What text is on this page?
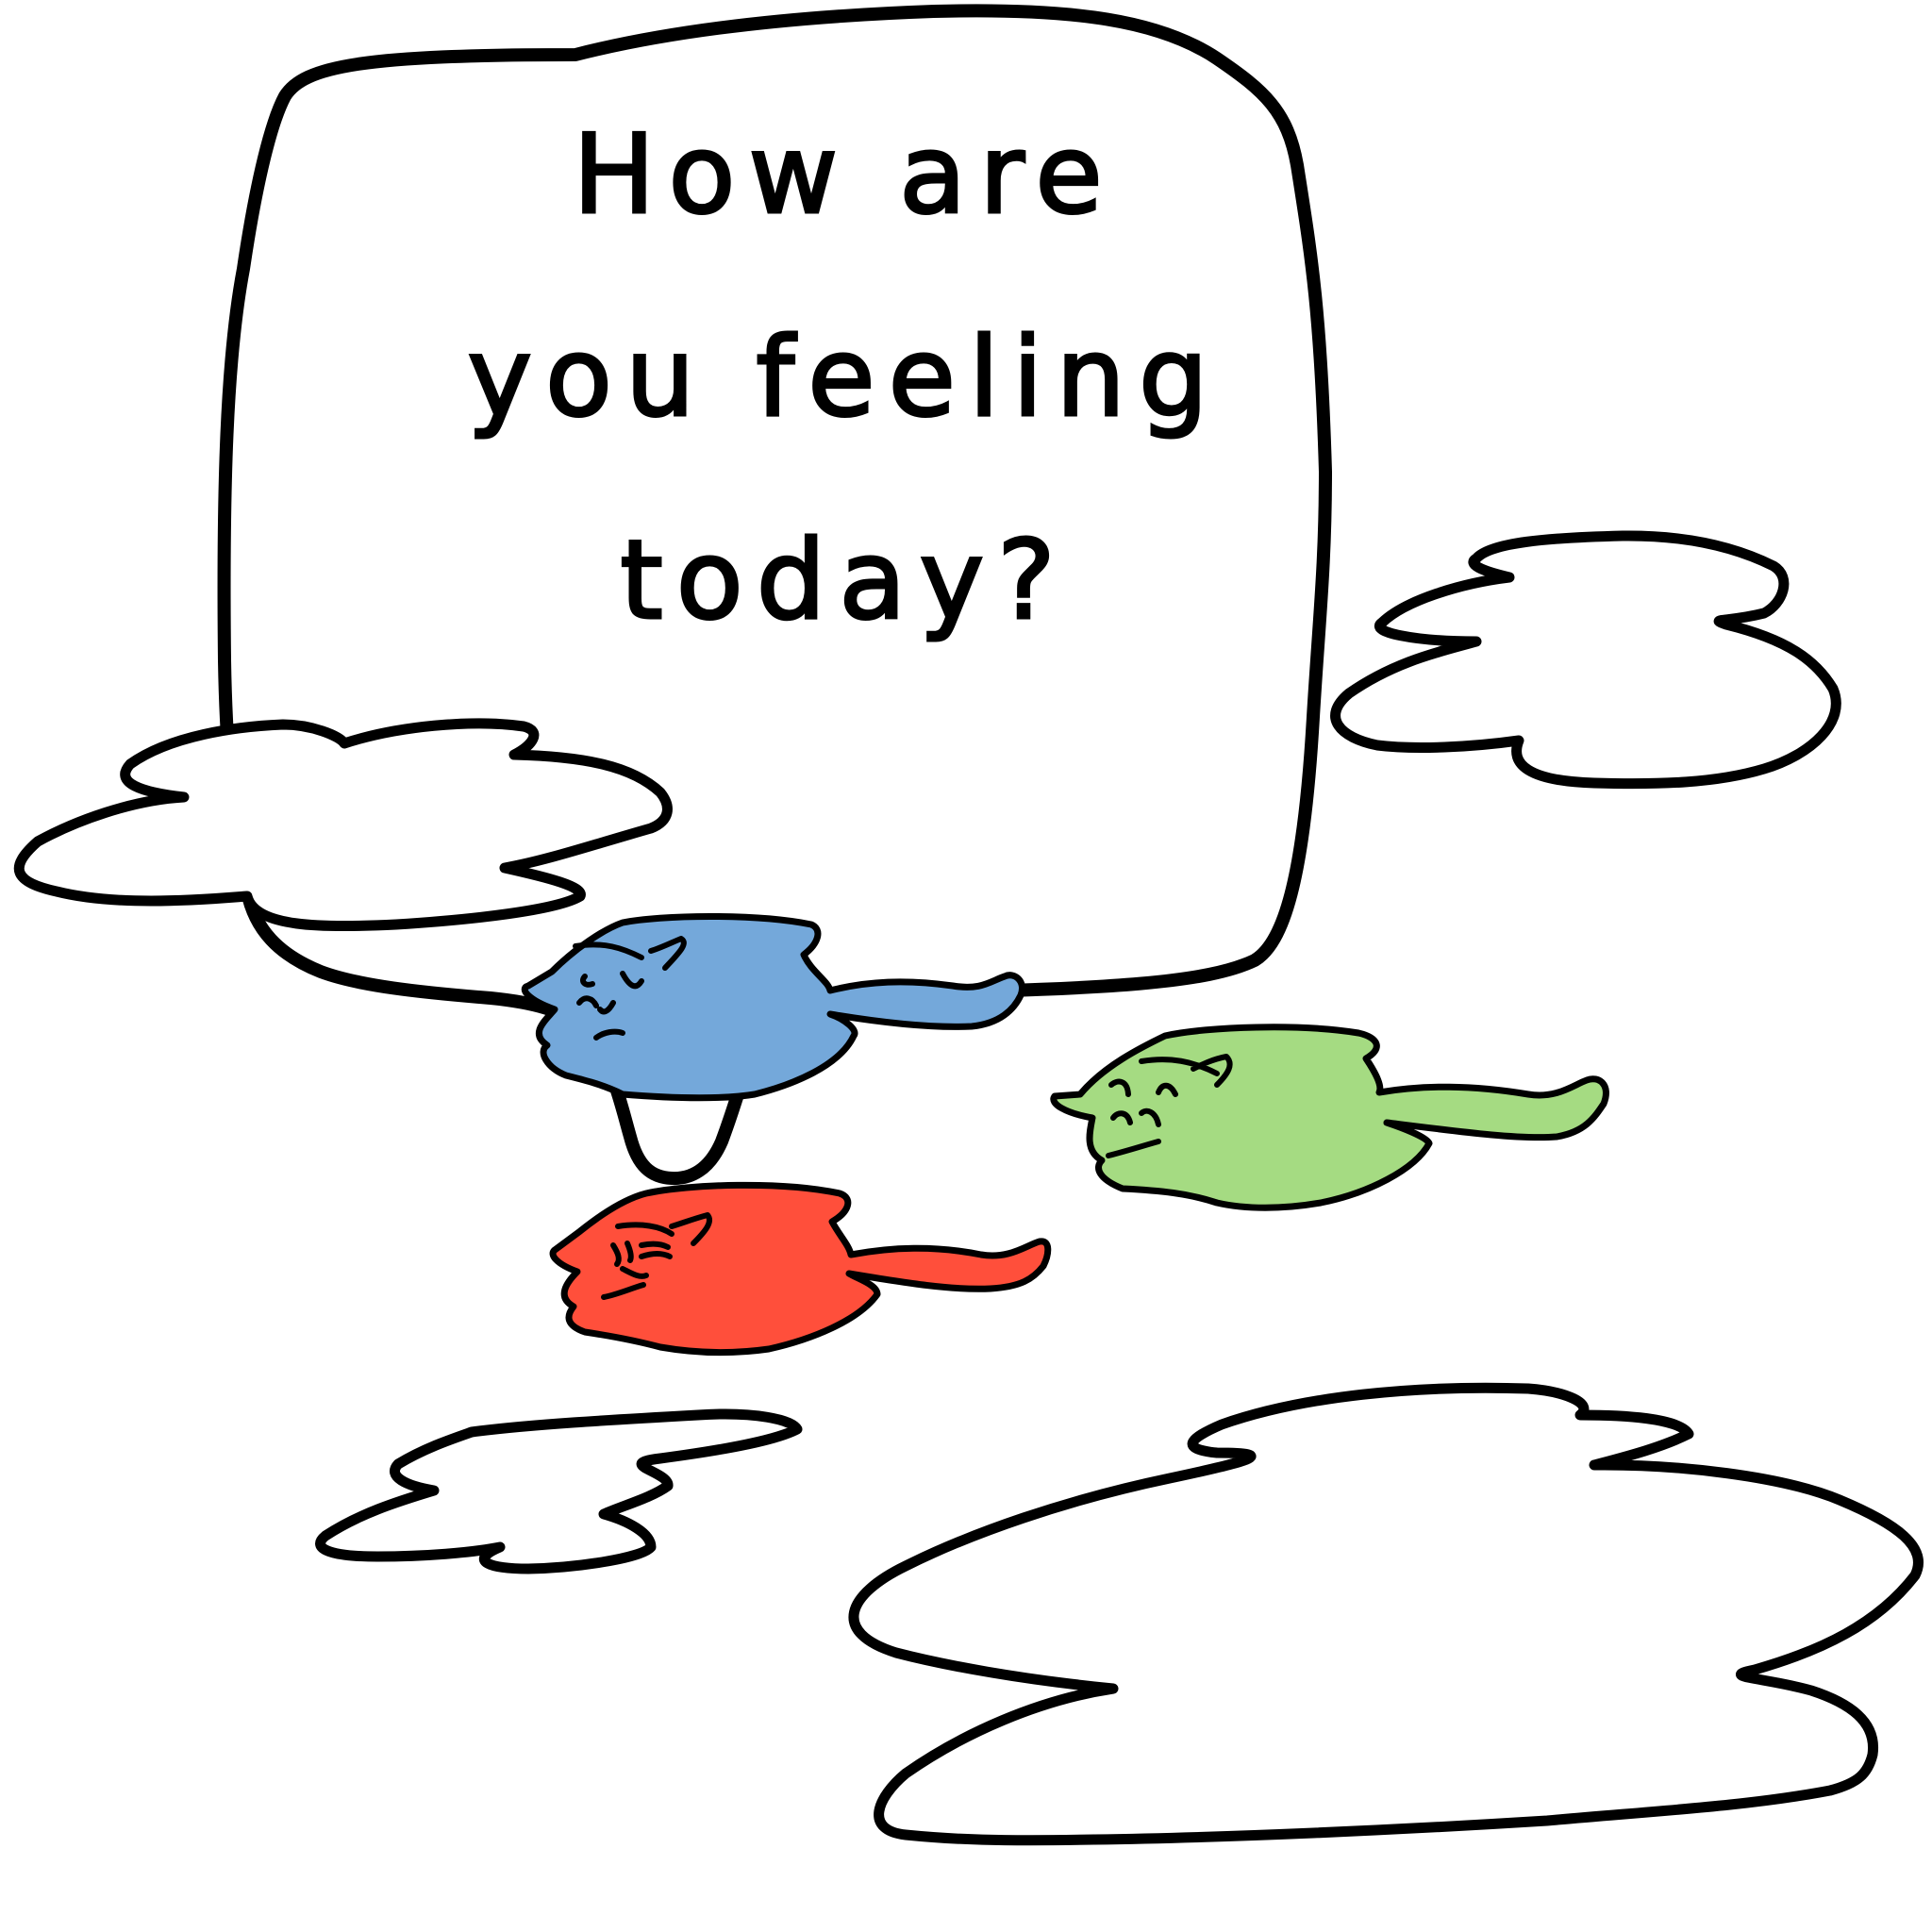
How are
you feeling
today?
